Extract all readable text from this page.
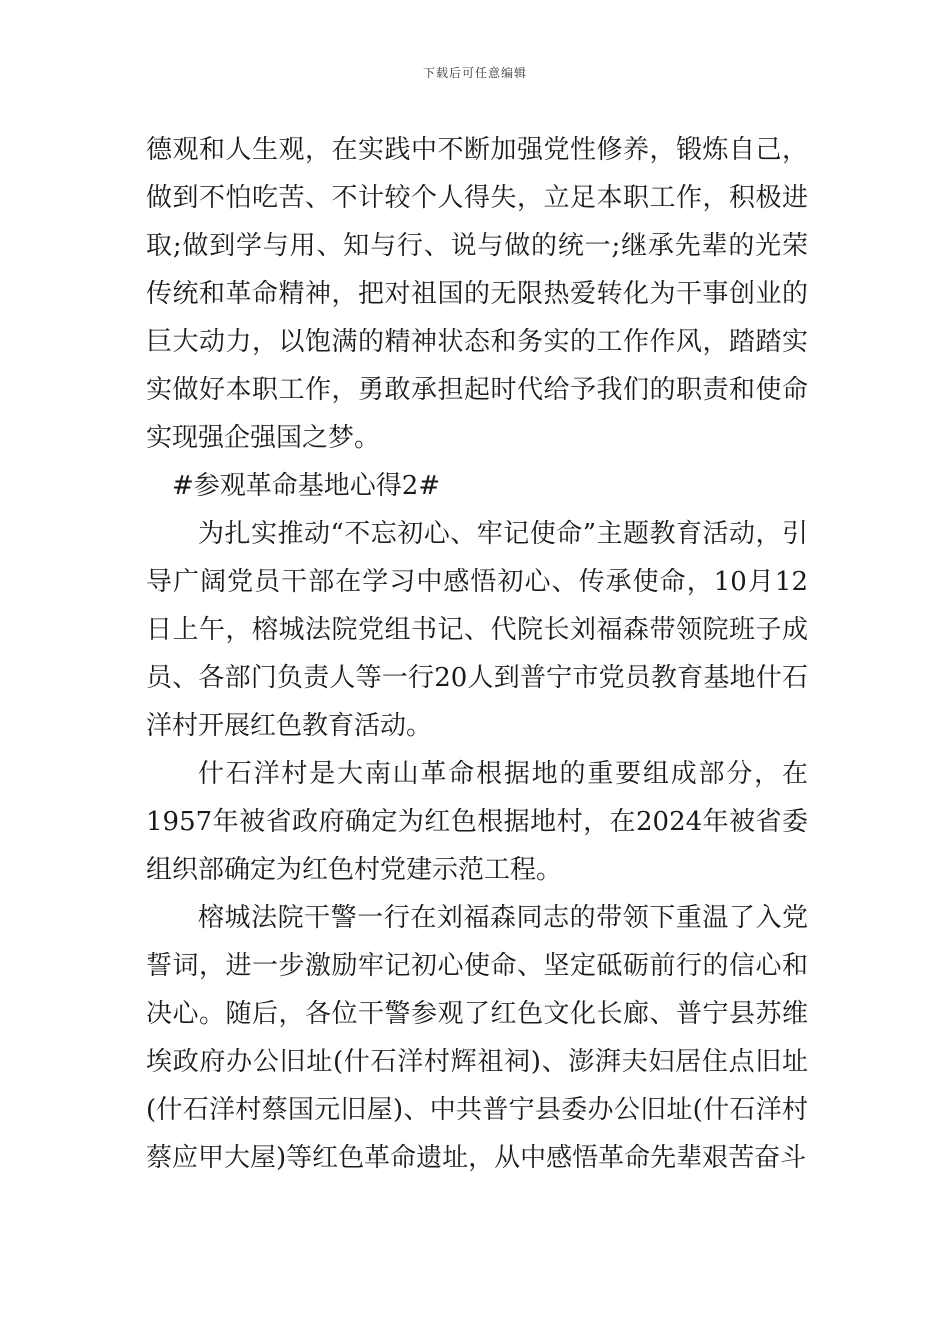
下载后可任意编辑

德观和人生观，在实践中不断加强党性修养，锻炼自己，做到不怕吃苦、不计较个人得失，立足本职工作，积极进取;做到学与用、知与行、说与做的统一;继承先辈的光荣传统和革命精神，把对祖国的无限热爱转化为干事创业的巨大动力，以饱满的精神状态和务实的工作作风，踏踏实实做好本职工作，勇敢承担起时代给予我们的职责和使命实现强企强国之梦。

#参观革命基地心得2#

为扎实推动“不忘初心、牢记使命”主题教育活动，引导广阔党员干部在学习中感悟初心、传承使命，10月12日上午，榕城法院党组书记、代院长刘福森带领院班子成员、各部门负责人等一行20人到普宁市党员教育基地什石洋村开展红色教育活动。

什石洋村是大南山革命根据地的重要组成部分，在1957年被省政府确定为红色根据地村，在2024年被省委组织部确定为红色村党建示范工程。

榕城法院干警一行在刘福森同志的带领下重温了入党誓词，进一步激励牢记初心使命、坚定砥砺前行的信心和决心。随后，各位干警参观了红色文化长廊、普宁县苏维埃政府办公旧址(什石洋村辉祖祠)、澎湃夫妇居住点旧址(什石洋村蔡国元旧屋)、中共普宁县委办公旧址(什石洋村蔡应甲大屋)等红色革命遗址，从中感悟革命先辈艰苦奋斗
